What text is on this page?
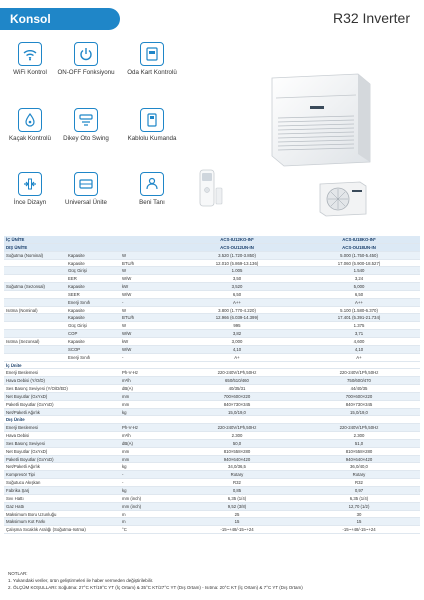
Konsol	R32 Inverter
WiFi Kontrol	ON-OFF Fonksiyonu	Oda Kart Kontrolü
Kaçak Kontrolü	Dikey Oto Swing	Kablolu Kumanda
İnce Dizayn	Universal Ünite	Beni Tanı
İÇ ÜNİTE	ACS-IU12KO-IN*	ACS-IU18KO-IN*
DIŞ ÜNİTE	ACS-OU12UN-IN	ACS-OU18UN-IN
Soğutma (Nominal)	Kapasite	W	3.520 (1.720-3.850)	5.000 (1.750-5.450)
Kapasite	BTU/h	12.010 (5.869-13.136)	17.060 (5.900-18.527)
Güç Girişi	W	1.005	1.540
EER	W/W	3,50	3,24
Soğutma (Sezonsal)	Kapasite	kW	3,520	5,000
SEER	W/W	6,50	6,50
Enerji Sınıfı	-	A++	A++
Isıtma (Nominal)	Kapasite	W	3.800 (1.770-4.220)	5.100 (1.580-6.370)
Kapasite	BTU/h	12.966 (6.039-14.399)	17.401 (5.391-21.734)
Güç Girişi	W	995	1.375
COP	W/W	3,82	3,71
Isıtma (Sezonsal)	Kapasite	kW	3,000	4,600
SCOP	W/W	4,10	4,10
Enerji Sınıfı	-	A+	A+
İç Ünite
Enerji Beslemesi	Ph-V-Hz	220-240V/1Ph,50Hz	220-240V/1Ph,50Hz
Hava Debisi (Y/O/D)	m³/h	650/510/460	750/600/470
Ses Basınç Seviyesi (Y/O/D/ED)	dB(A)	40/35/31	44/40/35
Net Boyutlar (GxYxD)	mm	700×600×220	700×600×220
Paketli Boyutlar (GxYxD)	mm	840×730×345	840×730×345
Net/Paketli Ağırlık	kg	15,0/19,0	15,0/19,0
Dış Ünite
Enerji Beslemesi	Ph-V-Hz	220-240V/1Ph,50Hz	220-240V/1Ph,50Hz
Hava Debisi	m³/h	2.300	2.300
Ses Basınç Seviyesi	dB(A)	50,0	51,0
Net Boyutlar (GxYxD)	mm	810×558×280	810×558×280
Paketli Boyutlar (GxYxD)	mm	940×640×420	940×640×420
Net/Paketli Ağırlık	kg	34,0/36,5	36,0/40,0
Kompresör Tipi	-	Rotary	Rotary
Soğutucu Akışkan	-	R32	R32
Fabrika Şarj	kg	0,85	0,97
Sıvı Hattı	mm (inch)	6,35 (1/4)	6,35 (1/4)
Gaz Hattı	mm (inch)	9,52 (3/8)	12,70 (1/2)
Maksimum Boru Uzunluğu	m	25	30
Maksimum Kot Farkı	m	15	15
Çalışma Sıcaklık Aralığı (Soğutma-Isıtma)	°C	-15~+48/-15~+24	-15~+48/-15~+24
NOTLAR:
1. Yukarıdaki veriler, ürün geliştirmeleri ile haber vermeden değiştirilebilir.
2. ÖLÇÜM KOŞULLARI: Soğutma: 27°C KT/19°C YT (İç Ortam) & 35°C KT/27°C YT (Dış Ortam) - Isıtma: 20°C KT (İç Ortam) & 7°C YT (Dış Ortam)
